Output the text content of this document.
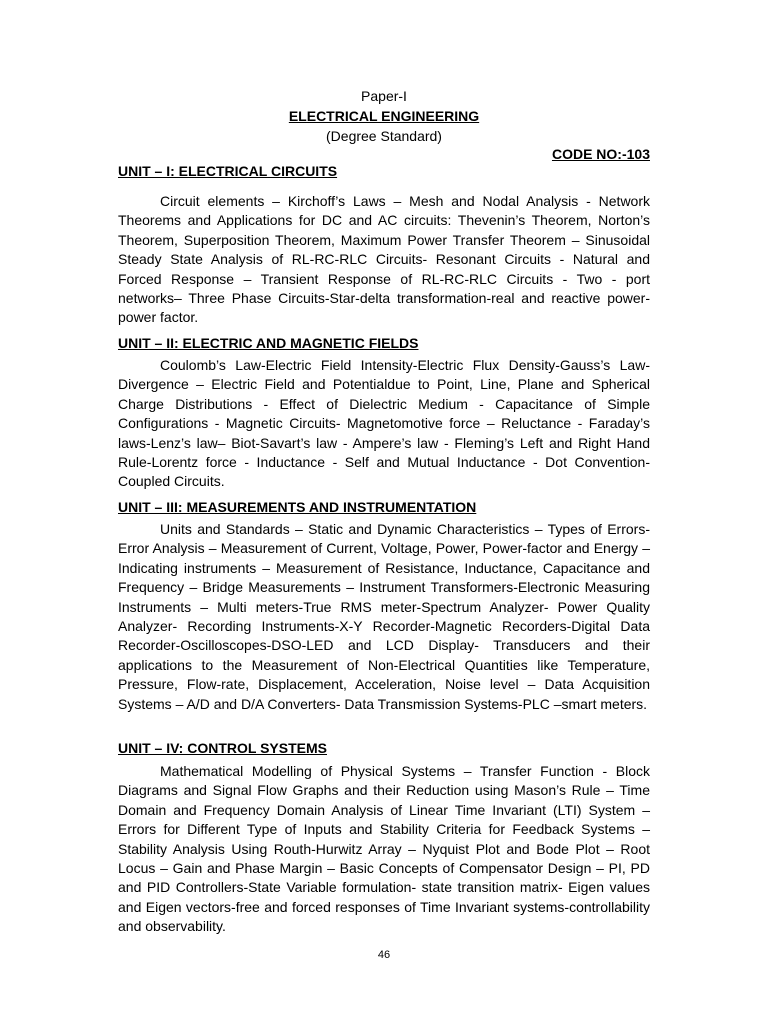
Paper-I
ELECTRICAL ENGINEERING
(Degree Standard)
CODE NO:-103
UNIT – I: ELECTRICAL CIRCUITS
Circuit elements – Kirchoff’s Laws – Mesh and Nodal Analysis - Network Theorems and Applications for DC and AC circuits: Thevenin’s Theorem, Norton’s Theorem, Superposition Theorem, Maximum Power Transfer Theorem – Sinusoidal Steady State Analysis of RL-RC-RLC Circuits- Resonant Circuits - Natural and Forced Response – Transient Response of RL-RC-RLC Circuits - Two - port networks– Three Phase Circuits-Star-delta transformation-real and reactive power-power factor.
UNIT – II: ELECTRIC AND MAGNETIC FIELDS
Coulomb’s Law-Electric Field Intensity-Electric Flux Density-Gauss’s Law-Divergence – Electric Field and Potentialdue to Point, Line, Plane and Spherical Charge Distributions - Effect of Dielectric Medium - Capacitance of Simple Configurations - Magnetic Circuits- Magnetomotive force – Reluctance - Faraday’s laws-Lenz’s law– Biot-Savart’s law - Ampere’s law - Fleming’s Left and Right Hand Rule-Lorentz force - Inductance - Self and Mutual Inductance - Dot Convention-Coupled Circuits.
UNIT – III: MEASUREMENTS AND INSTRUMENTATION
Units and Standards – Static and Dynamic Characteristics – Types of Errors-Error Analysis – Measurement of Current, Voltage, Power, Power-factor and Energy – Indicating instruments – Measurement of Resistance, Inductance, Capacitance and Frequency – Bridge Measurements – Instrument Transformers-Electronic Measuring Instruments – Multi meters-True RMS meter-Spectrum Analyzer- Power Quality Analyzer- Recording Instruments-X-Y Recorder-Magnetic Recorders-Digital Data Recorder-Oscilloscopes-DSO-LED and LCD Display- Transducers and their applications to the Measurement of Non-Electrical Quantities like Temperature, Pressure, Flow-rate, Displacement, Acceleration, Noise level – Data Acquisition Systems – A/D and D/A Converters- Data Transmission Systems-PLC –smart meters.
UNIT – IV: CONTROL SYSTEMS
Mathematical Modelling of Physical Systems – Transfer Function - Block Diagrams and Signal Flow Graphs and their Reduction using Mason’s Rule – Time Domain and Frequency Domain Analysis of Linear Time Invariant (LTI) System – Errors for Different Type of Inputs and Stability Criteria for Feedback Systems – Stability Analysis Using Routh-Hurwitz Array – Nyquist Plot and Bode Plot – Root Locus – Gain and Phase Margin – Basic Concepts of Compensator Design – PI, PD and PID Controllers-State Variable formulation- state transition matrix- Eigen values and Eigen vectors-free and forced responses of Time Invariant systems-controllability and observability.
46
